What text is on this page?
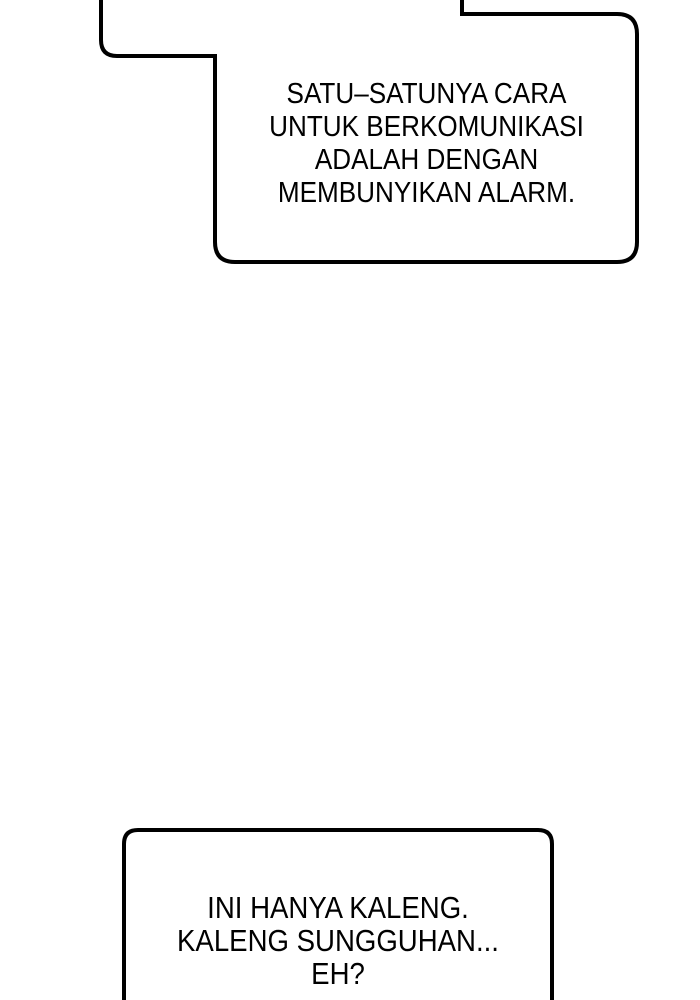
SATU–SATUNYA CARA
UNTUK BERKOMUNIKASI
ADALAH DENGAN
MEMBUNYIKAN ALARM.
INI HANYA KALENG.
KALENG SUNGGUHAN...
EH?
